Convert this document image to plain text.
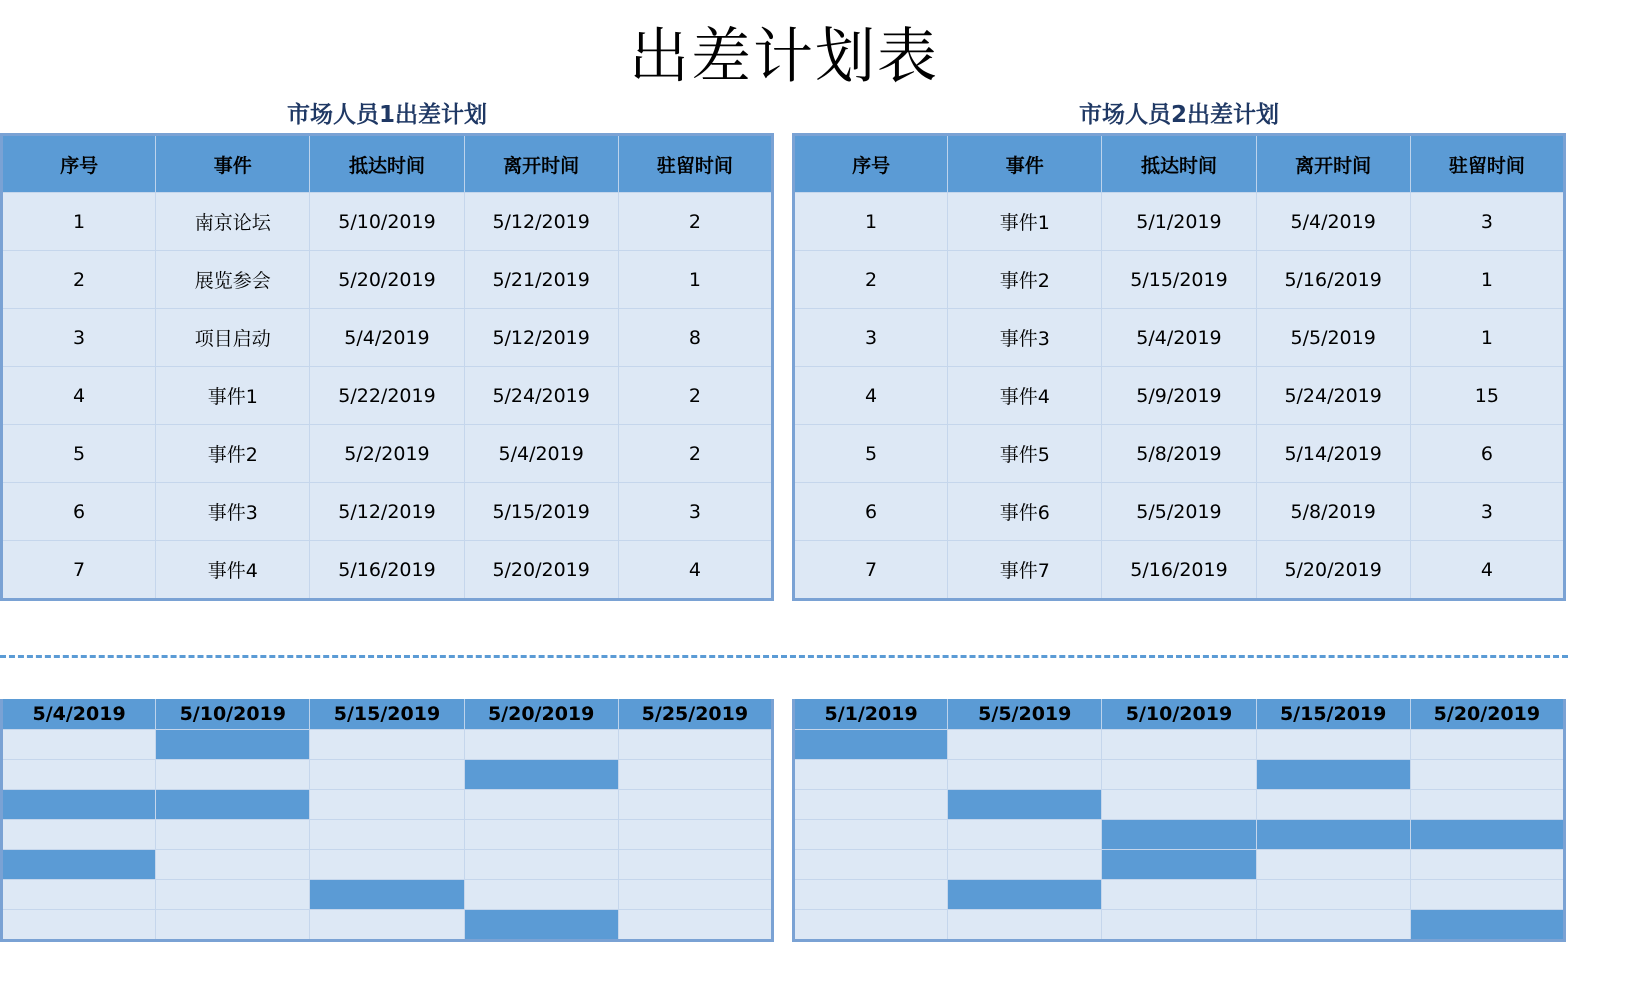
出差计划表
市场人员1出差计划	市场人员2出差计划
序号	事件	抵达时间	离开时间	驻留时间
1	南京论坛	5/10/2019	5/12/2019	2
2	展览参会	5/20/2019	5/21/2019	1
3	项目启动	5/4/2019	5/12/2019	8
4	事件1	5/22/2019	5/24/2019	2
5	事件2	5/2/2019	5/4/2019	2
6	事件3	5/12/2019	5/15/2019	3
7	事件4	5/16/2019	5/20/2019	4
序号	事件	抵达时间	离开时间	驻留时间
1	事件1	5/1/2019	5/4/2019	3
2	事件2	5/15/2019	5/16/2019	1
3	事件3	5/4/2019	5/5/2019	1
4	事件4	5/9/2019	5/24/2019	15
5	事件5	5/8/2019	5/14/2019	6
6	事件6	5/5/2019	5/8/2019	3
7	事件7	5/16/2019	5/20/2019	4
5/4/2019	5/10/2019	5/15/2019	5/20/2019	5/25/2019

					5/1/2019	5/5/2019	5/10/2019	5/15/2019	5/20/2019
